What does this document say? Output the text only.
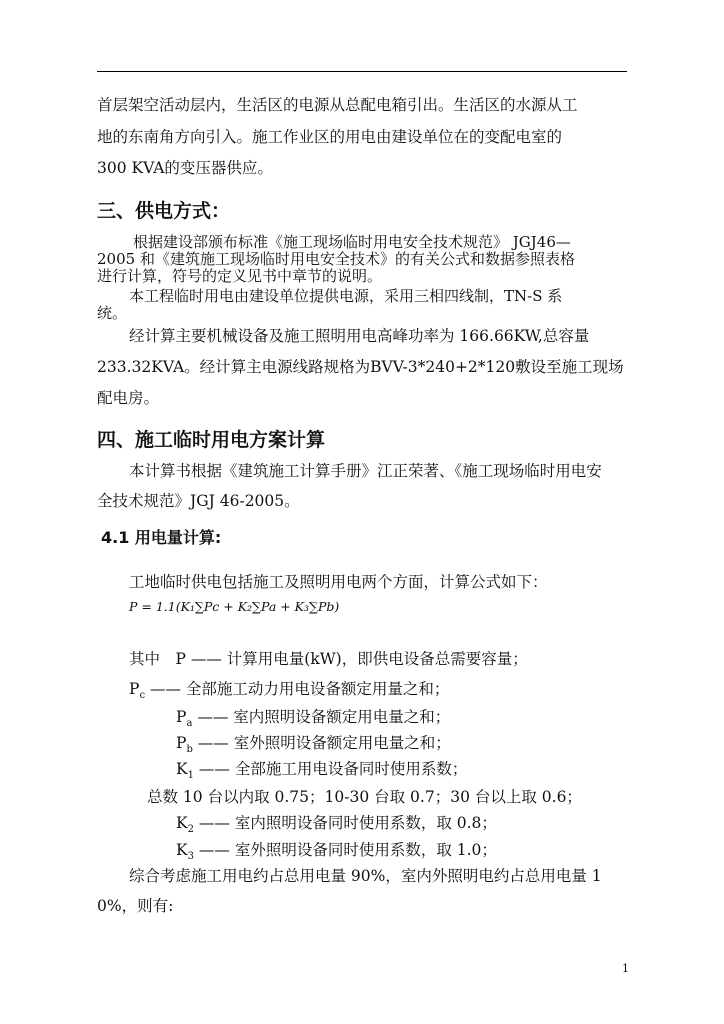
首层架空活动层内，生活区的电源从总配电箱引出。生活区的水源从工
地的东南角方向引入。施工作业区的用电由建设单位在的变配电室的
300 KVA的变压器供应。
三、供电方式：
根据建设部颁布标准《施工现场临时用电安全技术规范》 JGJ46—
2005 和《建筑施工现场临时用电安全技术》的有关公式和数据参照表格
进行计算，符号的定义见书中章节的说明。
本工程临时用电由建设单位提供电源，采用三相四线制，TN-S 系
统。
经计算主要机械设备及施工照明用电高峰功率为 166.66KW,总容量
233.32KVA。经计算主电源线路规格为BVV-3*240+2*120敷设至施工现场
配电房。
四、施工临时用电方案计算
本计算书根据《建筑施工计算手册》江正荣著、《施工现场临时用电安
全技术规范》JGJ 46-2005。
4.1 用电量计算:
工地临时供电包括施工及照明用电两个方面，计算公式如下：
P = 1.1(K₁∑Pc + K₂∑Pa + K₃∑Pb)
其中　P —— 计算用电量(kW)，即供电设备总需要容量；
$P_c$ —— 全部施工动力用电设备额定用量之和；
$P_a$ —— 室内照明设备额定用电量之和；
$P_b$ —— 室外照明设备额定用电量之和；
$K_1$ —— 全部施工用电设备同时使用系数；
总数 10 台以内取 0.75；10-30 台取 0.7；30 台以上取 0.6；
$K_2$ —— 室内照明设备同时使用系数，取 0.8；
$K_3$ —— 室外照明设备同时使用系数，取 1.0；
综合考虑施工用电约占总用电量 90%，室内外照明电约占总用电量 1
0%，则有:
1
